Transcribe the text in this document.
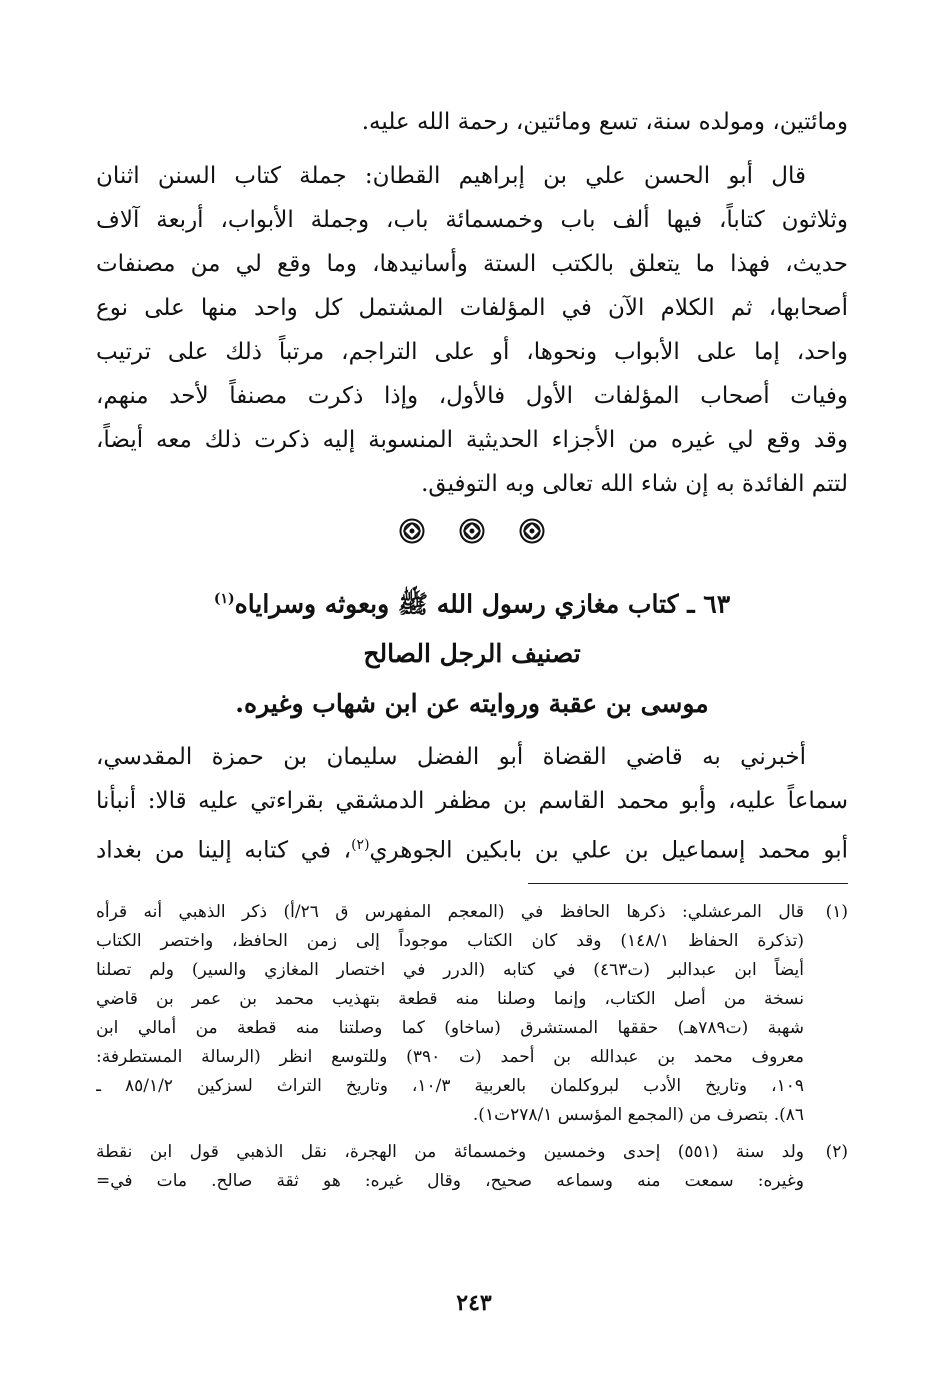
ومائتين، ومولده سنة، تسع ومائتين، رحمة الله عليه.
قال أبو الحسن علي بن إبراهيم القطان: جملة كتاب السنن اثنان
وثلاثون كتاباً، فيها ألف باب وخمسمائة باب، وجملة الأبواب، أربعة آلاف
حديث، فهذا ما يتعلق بالكتب الستة وأسانيدها، وما وقع لي من مصنفات
أصحابها، ثم الكلام الآن في المؤلفات المشتمل كل واحد منها على نوع
واحد، إما على الأبواب ونحوها، أو على التراجم، مرتباً ذلك على ترتيب
وفيات أصحاب المؤلفات الأول فالأول، وإذا ذكرت مصنفاً لأحد منهم،
وقد وقع لي غيره من الأجزاء الحديثية المنسوبة إليه ذكرت ذلك معه أيضاً،
لتتم الفائدة به إن شاء الله تعالى وبه التوفيق.
٦٣ ـ كتاب مغازي رسول الله ﷺ وبعوثه وسراياه$^{(١)}$
تصنيف الرجل الصالح
موسى بن عقبة وروايته عن ابن شهاب وغيره.
أخبرني به قاضي القضاة أبو الفضل سليمان بن حمزة المقدسي،
سماعاً عليه، وأبو محمد القاسم بن مظفر الدمشقي بقراءتي عليه قالا: أنبأنا
أبو محمد إسماعيل بن علي بن بابكين الجوهري$^{(٢)}$، في كتابه إلينا من بغداد
(١)
قال المرعشلي: ذكرها الحافظ في (المعجم المفهرس ق ٢٦/أ) ذكر الذهبي أنه قرأه
(تذكرة الحفاظ ١٤٨/١) وقد كان الكتاب موجوداً إلى زمن الحافظ، واختصر الكتاب
أيضاً ابن عبدالبر (ت٤٦٣) في كتابه (الدرر في اختصار المغازي والسير) ولم تصلنا
نسخة من أصل الكتاب، وإنما وصلنا منه قطعة بتهذيب محمد بن عمر بن قاضي
شهبة (ت٧٨٩هـ) حققها المستشرق (ساخاو) كما وصلتنا منه قطعة من أمالي ابن
معروف محمد بن عبدالله بن أحمد (ت ٣٩٠) وللتوسع انظر (الرسالة المستطرفة:
١٠٩، وتاريخ الأدب لبروكلمان بالعربية ١٠/٣، وتاريخ التراث لسزكين ٨٥/١/٢ ـ
٨٦). بتصرف من (المجمع المؤسس ٢٧٨/١ت١).
(٢)
ولد سنة (٥٥١) إحدى وخمسين وخمسمائة من الهجرة، نقل الذهبي قول ابن نقطة
وغيره: سمعت منه وسماعه صحيح، وقال غيره: هو ثقة صالح. مات في=
٢٤٣
